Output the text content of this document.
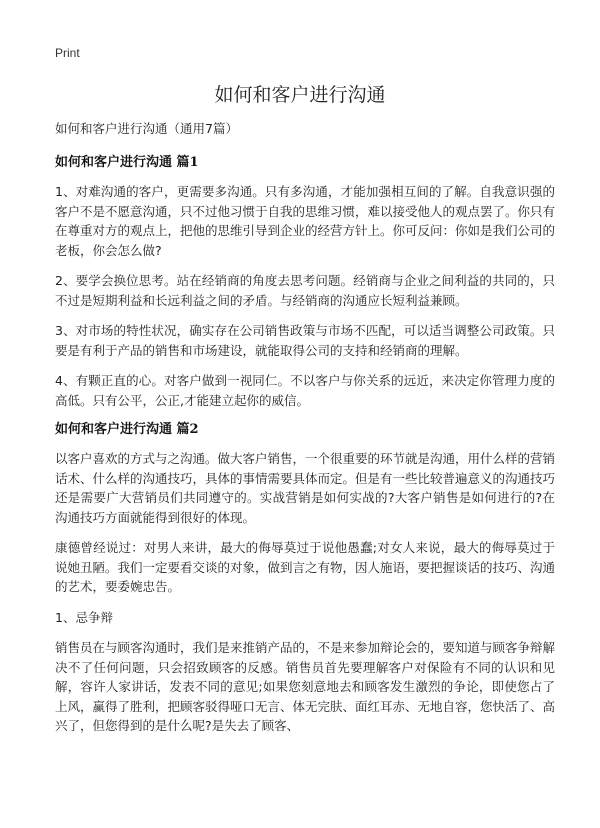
Print
如何和客户进行沟通

如何和客户进行沟通（通用7篇）

如何和客户进行沟通 篇1

1、对难沟通的客户，更需要多沟通。只有多沟通，才能加强相互间的了解。自我意识强的客户不是不愿意沟通，只不过他习惯于自我的思维习惯，难以接受他人的观点罢了。你只有在尊重对方的观点上，把他的思维引导到企业的经营方针上。你可反问：你如是我们公司的老板，你会怎么做?

2、要学会换位思考。站在经销商的角度去思考问题。经销商与企业之间利益的共同的，只不过是短期利益和长远利益之间的矛盾。与经销商的沟通应长短利益兼顾。

3、对市场的特性状况，确实存在公司销售政策与市场不匹配，可以适当调整公司政策。只要是有利于产品的销售和市场建设，就能取得公司的支持和经销商的理解。

4、有颗正直的心。对客户做到一视同仁。不以客户与你关系的远近，来决定你管理力度的高低。只有公平，公正,才能建立起你的威信。

如何和客户进行沟通 篇2

以客户喜欢的方式与之沟通。做大客户销售，一个很重要的环节就是沟通，用什么样的营销话术、什么样的沟通技巧，具体的事情需要具体而定。但是有一些比较普遍意义的沟通技巧还是需要广大营销员们共同遵守的。实战营销是如何实战的?大客户销售是如何进行的?在沟通技巧方面就能得到很好的体现。

康德曾经说过：对男人来讲，最大的侮辱莫过于说他愚蠢;对女人来说，最大的侮辱莫过于说她丑陋。我们一定要看交谈的对象，做到言之有物，因人施语，要把握谈话的技巧、沟通的艺术，要委婉忠告。

1、忌争辩

销售员在与顾客沟通时，我们是来推销产品的，不是来参加辩论会的，要知道与顾客争辩解决不了任何问题，只会招致顾客的反感。销售员首先要理解客户对保险有不同的认识和见解，容许人家讲话，发表不同的意见;如果您刻意地去和顾客发生激烈的争论，即使您占了上风，赢得了胜利，把顾客驳得哑口无言、体无完肤、面红耳赤、无地自容，您快活了、高兴了，但您得到的是什么呢?是失去了顾客、
